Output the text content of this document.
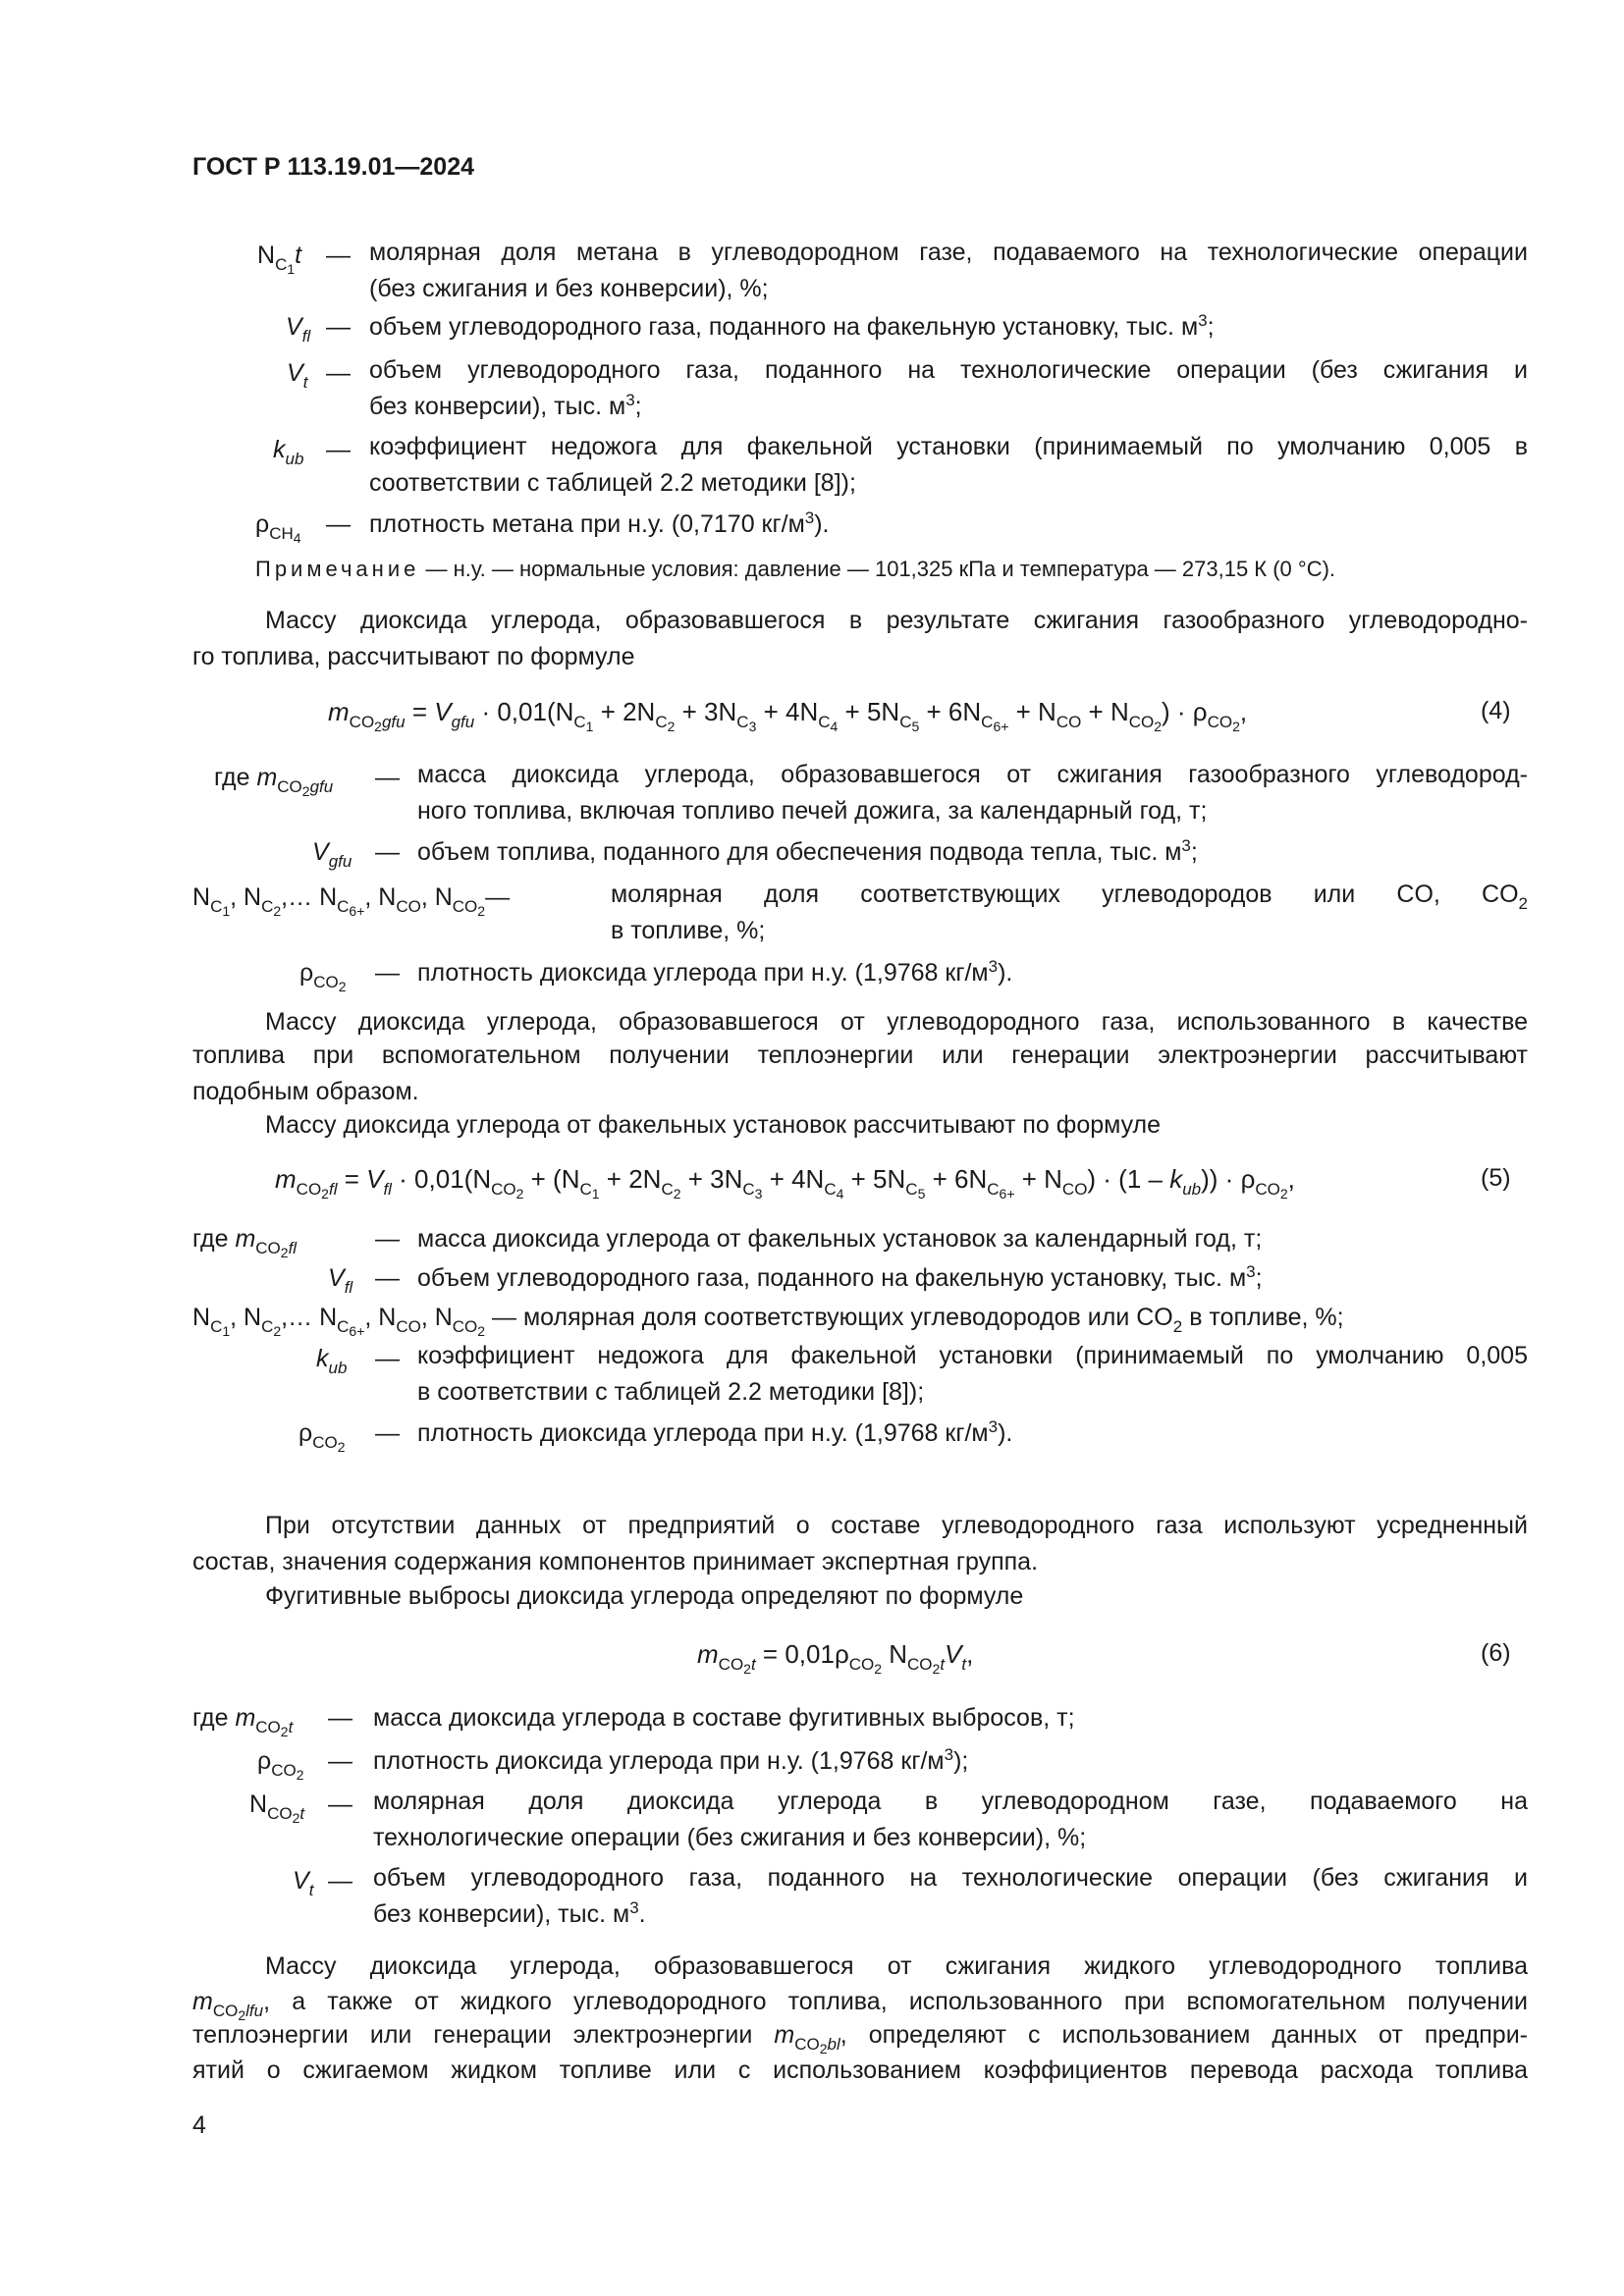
ГОСТ Р 113.19.01—2024
$N_{C_1}t$ — молярная доля метана в углеводородном газе, подаваемого на технологические операции
(без сжигания и без конверсии), %;
$V_{fl}$ — объем углеводородного газа, поданного на факельную установку, тыс. $м^3$;
$V_t$ — объем углеводородного газа, поданного на технологические операции (без сжигания и
без конверсии), тыс. $м^3$;
$k_{ub}$ — коэффициент недожога для факельной установки (принимаемый по умолчанию 0,005 в
соответствии с таблицей 2.2 методики [8]);
$\rho_{CH_4}$ — плотность метана при н.у. (0,7170 $кг/м^3$).
Примечание — н.у. — нормальные условия: давление — 101,325 кПа и температура — 273,15 К (0 °С).
Массу диоксида углерода, образовавшегося в результате сжигания газообразного углеводородно-
го топлива, рассчитывают по формуле
$m_{CO_2gfu} = V_{gfu} \cdot 0,01(N_{C_1} + 2N_{C_2} + 3N_{C_3} + 4N_{C_4} + 5N_{C_5} + 6N_{C_{6+}} + N_{CO} + N_{CO_2}) \cdot \rho_{CO_2}$,	(4)
где $m_{CO_2gfu}$ — масса диоксида углерода, образовавшегося от сжигания газообразного углеводород-
ного топлива, включая топливо печей дожига, за календарный год, т;
$V_{gfu}$ — объем топлива, поданного для обеспечения подвода тепла, тыс. $м^3$;
$N_{C_1}$, $N_{C_2},\dots$ $N_{C_{6+}}$, $N_{CO}$, $N_{CO_2}—$	молярная доля соответствующих углеводородов или CO, $CO_2$
в топливе, %;
$\rho_{CO_2}$ — плотность диоксида углерода при н.у. (1,9768 $кг/м^3$).
Массу диоксида углерода, образовавшегося от углеводородного газа, использованного в качестве
топлива при вспомогательном получении теплоэнергии или генерации электроэнергии рассчитывают
подобным образом.
Массу диоксида углерода от факельных установок рассчитывают по формуле
$m_{CO_2fl} = V_{fl} \cdot 0,01(N_{CO_2} + (N_{C_1} + 2N_{C_2} + 3N_{C_3} + 4N_{C_4} + 5N_{C_5} + 6N_{C_{6+}} + N_{CO}) \cdot (1 - k_{ub})) \cdot \rho_{CO_2}$,	(5)
где $m_{CO_2fl}$	— масса диоксида углерода от факельных установок за календарный год, т;
$V_{fl}$ — объем углеводородного газа, поданного на факельную установку, тыс. $м^3$;
$N_{C_1}$, $N_{C_2},\dots$ $N_{C_{6+}}$, $N_{CO}$, $N_{CO_2}$ — молярная доля соответствующих углеводородов или $CO_2$ в топливе, %;
$k_{ub}$ — коэффициент недожога для факельной установки (принимаемый по умолчанию 0,005
в соответствии с таблицей 2.2 методики [8]);
$\rho_{CO_2}$ — плотность диоксида углерода при н.у. (1,9768 $кг/м^3$).
При отсутствии данных от предприятий о составе углеводородного газа используют усредненный
состав, значения содержания компонентов принимает экспертная группа.
Фугитивные выбросы диоксида углерода определяют по формуле
$m_{CO_2t} = 0,01\rho_{CO_2}$ $N_{CO_2t}V_t$,	(6)
где $m_{CO_2t}$ — масса диоксида углерода в составе фугитивных выбросов, т;
$\rho_{CO_2}$ — плотность диоксида углерода при н.у. (1,9768 $кг/м^3$);
$N_{CO_2t}$ — молярная доля диоксида углерода в углеводородном газе, подаваемого на
технологические операции (без сжигания и без конверсии), %;
$V_t$ — объем углеводородного газа, поданного на технологические операции (без сжигания и
без конверсии), тыс. $м^3$.
Массу диоксида углерода, образовавшегося от сжигания жидкого углеводородного топлива
$m_{CO_2lfu}$, а также от жидкого углеводородного топлива, использованного при вспомогательном получении
теплоэнергии или генерации электроэнергии $m_{CO_2bl}$, определяют с использованием данных от предпри-
ятий о сжигаемом жидком топливе или с использованием коэффициентов перевода расхода топлива
4
